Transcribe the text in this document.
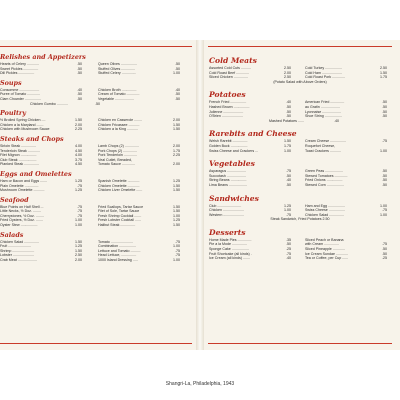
Relishes and Appetizers
Hearts of Celery ............	.50
Sweet Pickles ...............	.50
Dill Pickles ................	.50
Queen Olives ................	.50
Stuffed Olives ..............	.50
Stuffed Celery ..............	1.00
Soups
Consomme ....................	.40
Puree of Tomato .............	.50
Clam Chowder ................	.50
Chicken Broth ...............	.40
Cream of Tomato .............	.50
Vegetable ...................	.50
Chicken Gumbo ...........	.50
Poultry
½ Broiled Spring Chicken ....	1.50
Chicken a la Maryland .......	2.00
Chicken with Mushroom Sauce	2.25
Chicken en Casserole ........	2.00
Chicken Fricassee ...........	1.50
Chicken a la King ...........	1.50
Steaks and Chops
Sirloin Steak ...............	4.00
Tenderloin Steak ............	4.50
Filet Mignon ................	4.00
Club Steak ..................	3.75
Planked Steak ...............	4.50
Lamb Chops (2) ..............	2.00
Pork Chops (2) ..............	1.75
Pork Tenderloin .............	2.25
Veal Cutlet, Breaded,
Tomato Sauce .............	2.00
Eggs and Omelettes
Ham or Bacon and Eggs .......	1.25
Plain Omelette ..............	.75
Mushroom Omelette ...........	1.25
Spanish Omelette ............	1.25
Chicken Omelette ............	1.50
Chicken Liver Omelette ......	1.50
Seafood
Blue Points on Half Shell ...	.75
Little Necks, ½ Doz. ........	.75
Cherrystones, ½ Doz. ........	.75
Fried Oysters, ½ Doz. .......	1.00
Oyster Stew .................	1.00
Fried Scallops, Tartar Sauce	1.50
Filet of Sole, Tartar Sauce	1.50
Fresh Shrimp Cocktail .......	1.00
Fresh Lobster Cocktail ......	1.25
Halibut Steak ...............	1.50
Salads
Chicken Salad ...............	1.50
Fruit .......................	1.25
Shrimp ......................	1.50
Lobster .....................	2.50
Crab Meat ...................	2.00
Tomato ......................	.75
Combination .................	1.00
Lettuce and Tomato ..........	.75
Head Lettuce, ...............	.75
1000 Island Dressing .....	1.00
Cold Meats
Assorted Cold Cuts ..........	2.50
Cold Roast Beef .............	2.00
Sliced Chicken ..............	2.50
Cold Turkey .................	2.50
Cold Ham ....................	1.50
Cold Roast Pork .............	1.75
(Potato Salad with Above Orders)
Potatoes
French Fried ................	.40
Hashed Brown ................	.50
Julienne ....................	.50
O'Brien .....................	.50
American Fried ..............	.50
au Gratin ...................	.50
Lyonnaise ...................	.50
Shoe String .................	.50
Mashed Potatoes ......	.40
Rarebits and Cheese
Welsh Rarebit ...............	1.50
Golden Buck .................	1.75
Swiss Cheese and Crackers ...	1.00
Cream Cheese ................	.75
Roquefort Cheese,
Toast Crackers ...........	1.00
Vegetables
Asparagus ...................	.75
Succotash ...................	.50
String Beans ................	.40
Lima Beans ..................	.50
Green Peas ..................	.50
Stewed Tomatoes .............	.50
Fried Onions ................	.50
Stewed Corn .................	.50
Sandwiches
Club ........................	1.25
Chicken .....................	1.00
Western .....................	.75
Ham and Egg .................	1.00
Swiss Cheese ................	.75
Chicken Salad ...............	1.00
Steak Sandwich, Fried Potatoes 2.50
Desserts
Home Made Pies ..............	.35
Pie a la Mode ...............	.50
Sponge Cake .................	.25
Fruit Shortcake (all kinds) .	.75
Ice Cream (all kinds) .......	.40
Sliced Peach or Banana
with Cream ...............	.75
Sliced Pineapple ............	.50
Ice Cream Sundae ............	.50
Tea or Coffee, per Cup ......	.25
Shangri-La, Philadelphia, 1943
